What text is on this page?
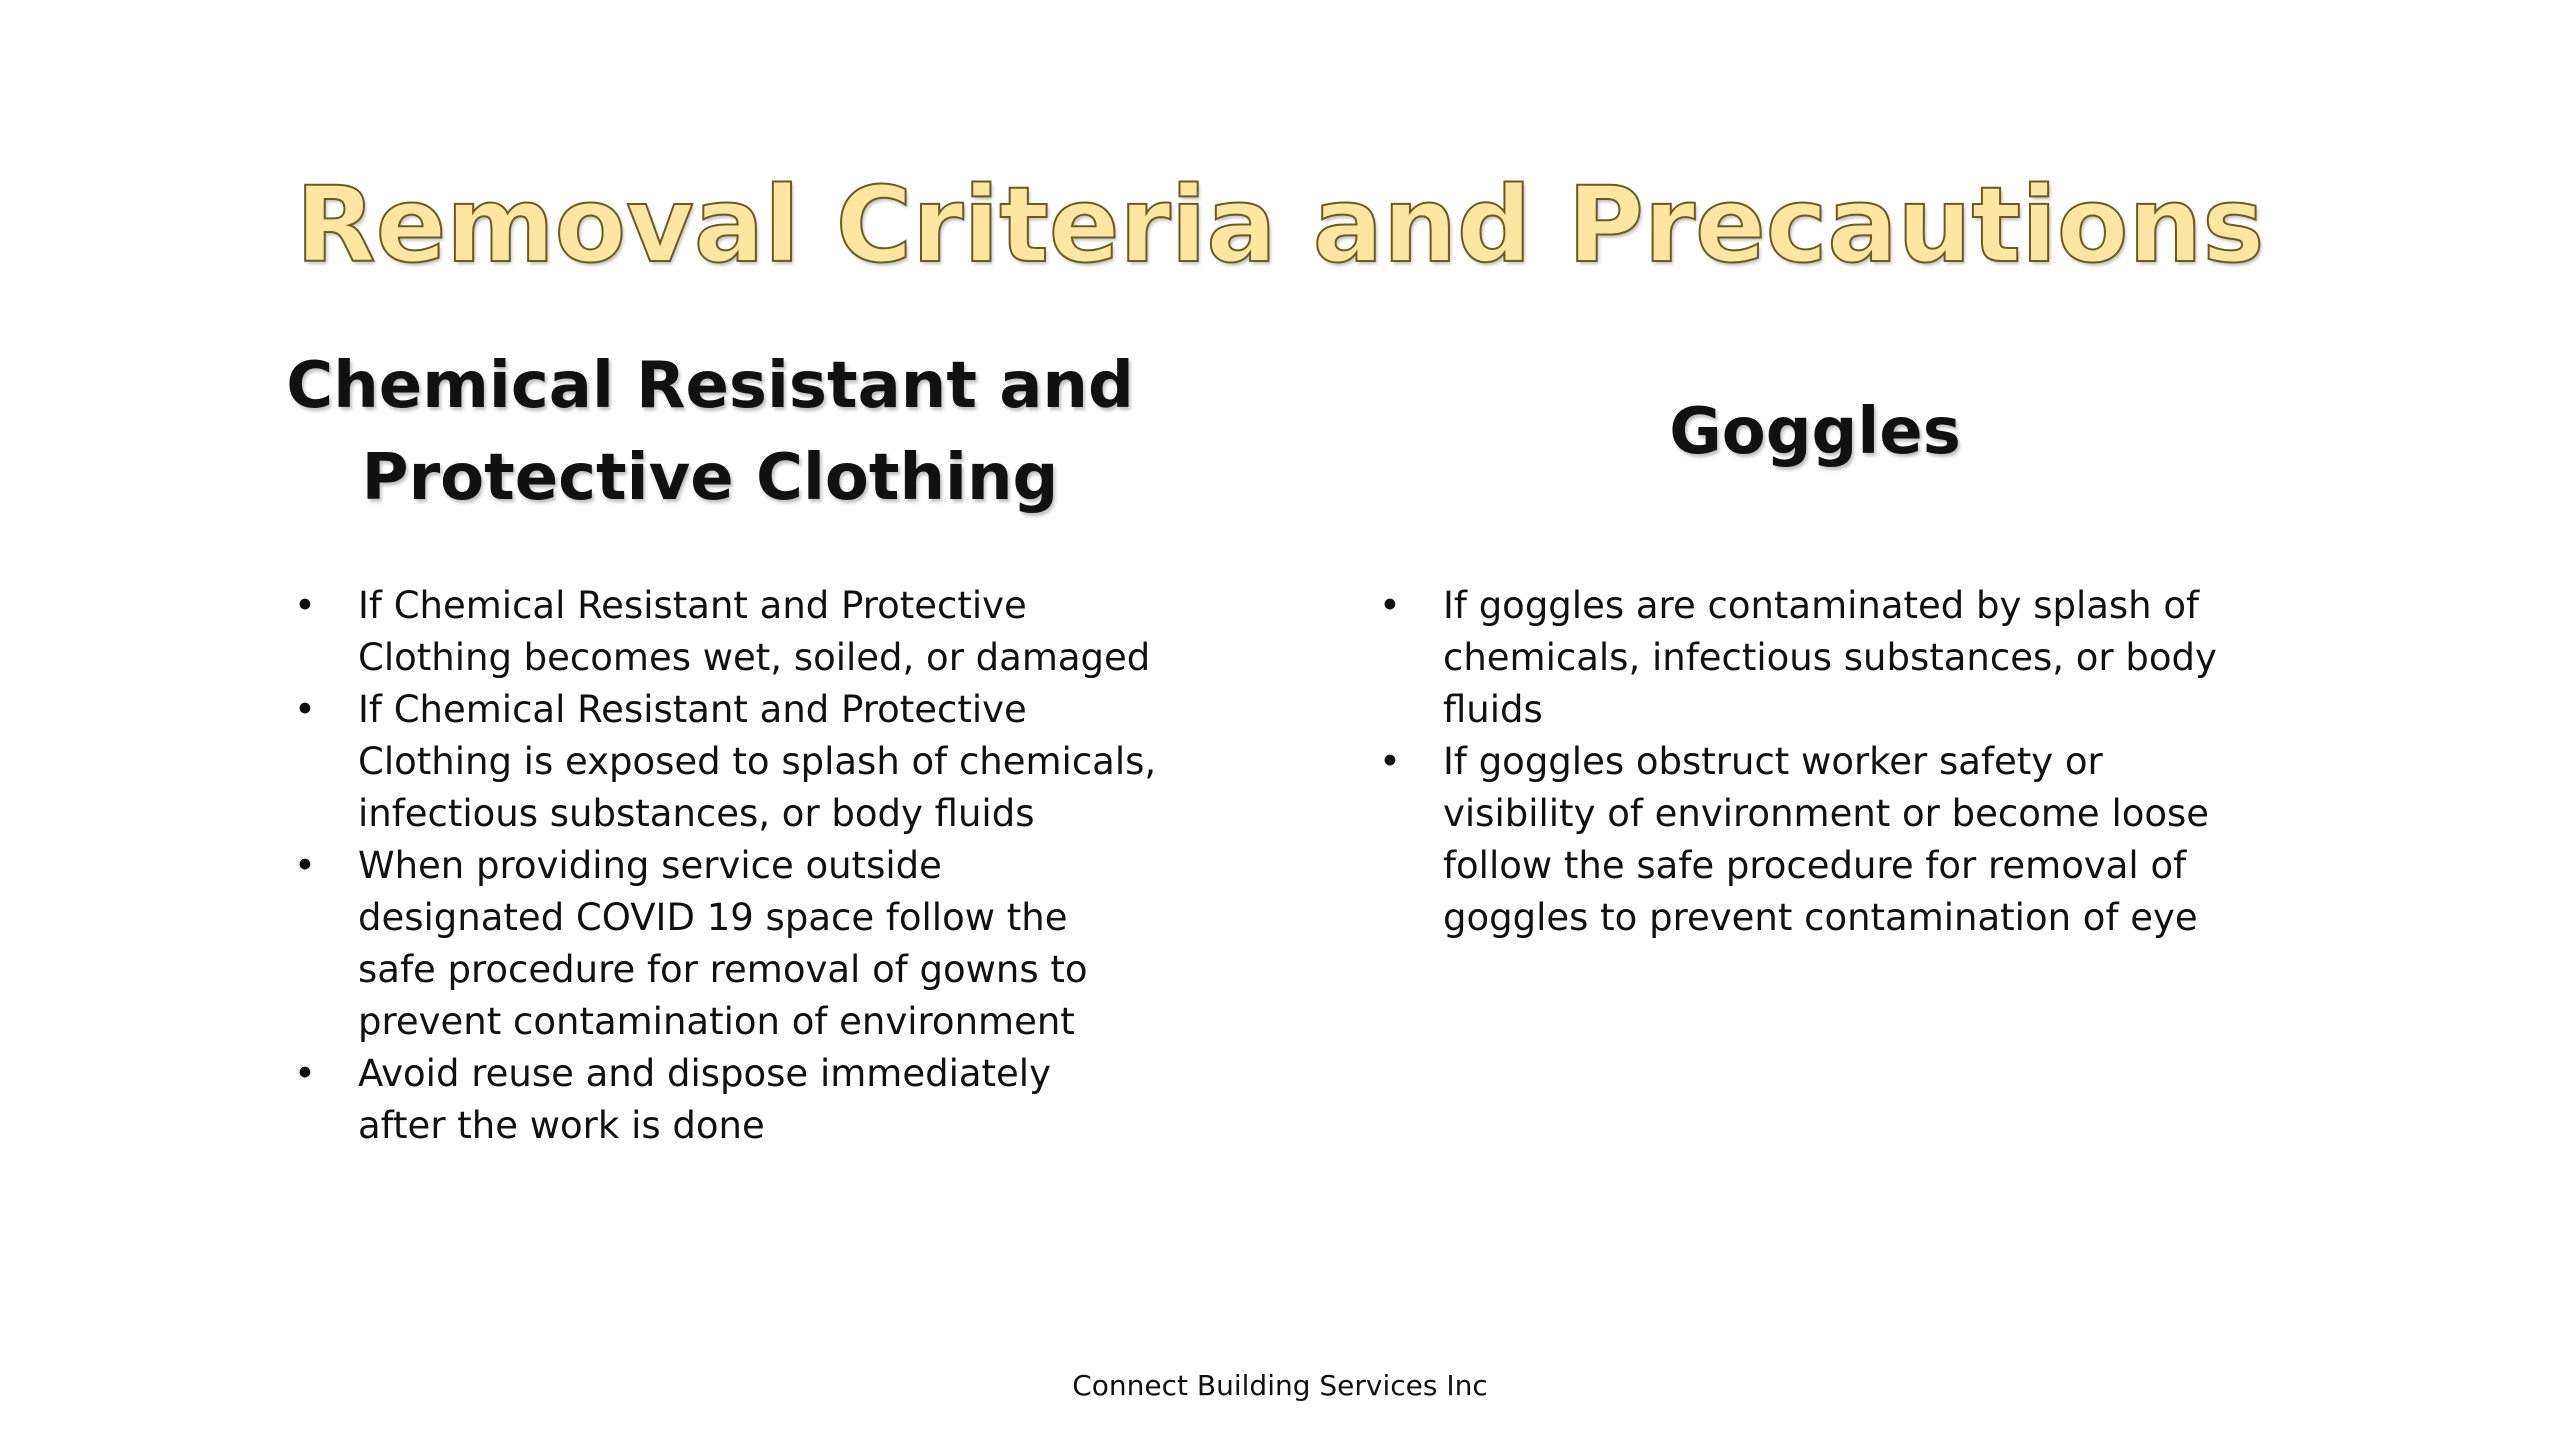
Removal Criteria and Precautions
Chemical Resistant and
Protective Clothing
• If Chemical Resistant and Protective
Clothing becomes wet, soiled, or damaged
• If Chemical Resistant and Protective
Clothing is exposed to splash of chemicals,
infectious substances, or body fluids
• When providing service outside
designated COVID 19 space follow the
safe procedure for removal of gowns to
prevent contamination of environment
• Avoid reuse and dispose immediately
after the work is done
Goggles
• If goggles are contaminated by splash of
chemicals, infectious substances, or body
fluids
• If goggles obstruct worker safety or
visibility of environment or become loose
follow the safe procedure for removal of
goggles to prevent contamination of eye
Connect Building Services Inc
